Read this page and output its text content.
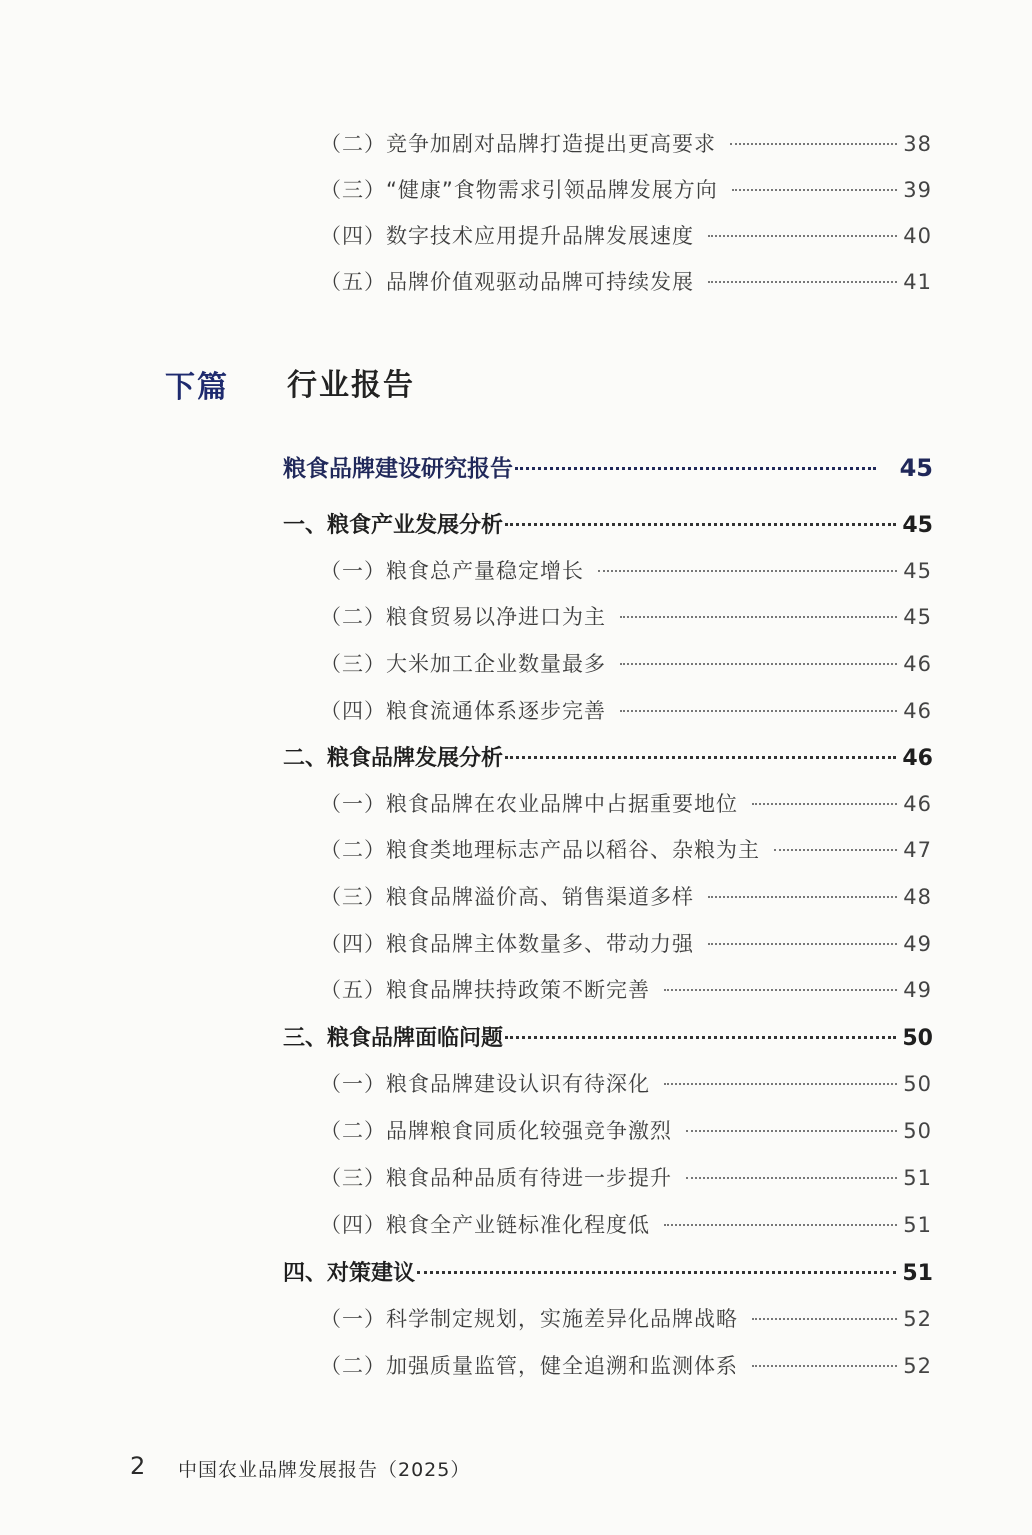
（二）竞争加剧对品牌打造提出更高要求	38
（三）“健康”食物需求引领品牌发展方向	39
（四）数字技术应用提升品牌发展速度	40
（五）品牌价值观驱动品牌可持续发展	41
下篇 行业报告
粮食品牌建设研究报告	45
一、粮食产业发展分析	45
（一）粮食总产量稳定增长	45
（二）粮食贸易以净进口为主	45
（三）大米加工企业数量最多	46
（四）粮食流通体系逐步完善	46
二、粮食品牌发展分析	46
（一）粮食品牌在农业品牌中占据重要地位	46
（二）粮食类地理标志产品以稻谷、杂粮为主	47
（三）粮食品牌溢价高、销售渠道多样	48
（四）粮食品牌主体数量多、带动力强	49
（五）粮食品牌扶持政策不断完善	49
三、粮食品牌面临问题	50
（一）粮食品牌建设认识有待深化	50
（二）品牌粮食同质化较强竞争激烈	50
（三）粮食品种品质有待进一步提升	51
（四）粮食全产业链标准化程度低	51
四、对策建议	51
（一）科学制定规划，实施差异化品牌战略	52
（二）加强质量监管，健全追溯和监测体系	52
2 中国农业品牌发展报告（2025）
